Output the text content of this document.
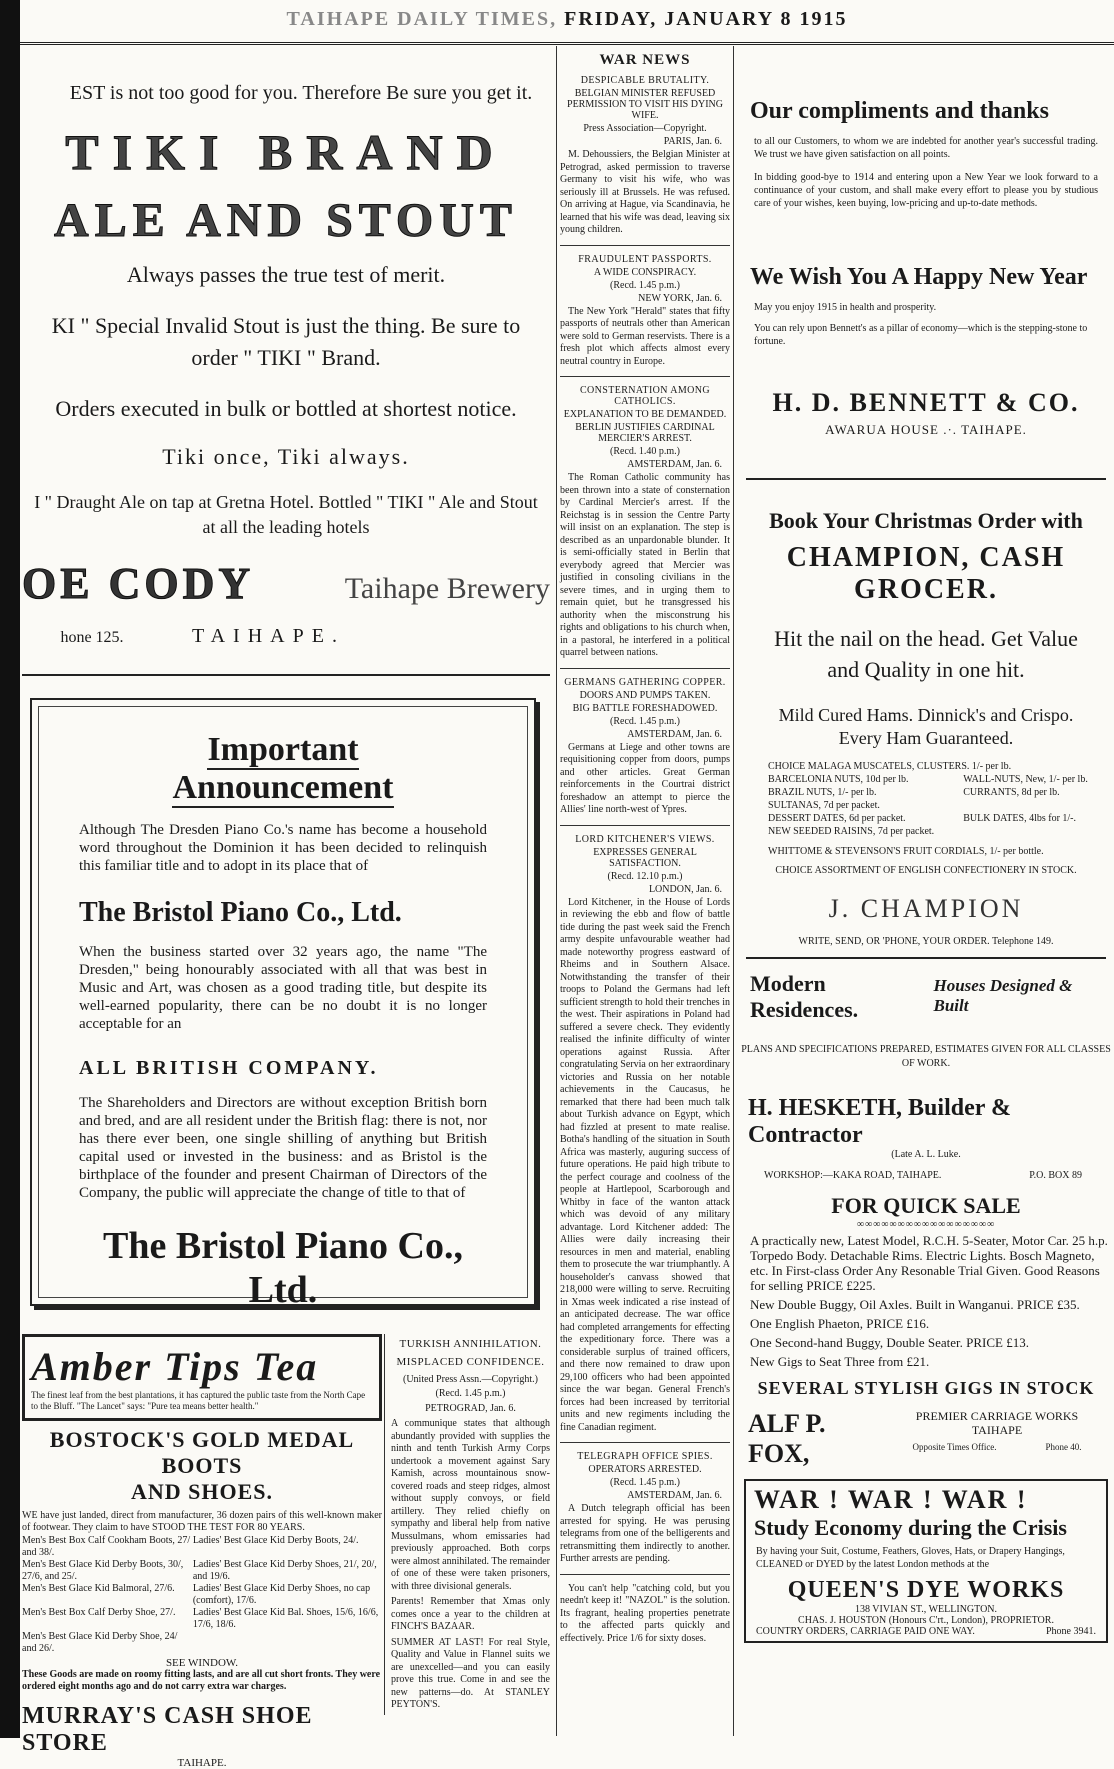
TAIHAPE DAILY TIMES, FRIDAY, JANUARY 8 1915

EST is not too good for you. Therefore Be sure you get it.

TIKI BRAND

ALE AND STOUT

Always passes the true test of merit.

KI " Special Invalid Stout is just the thing. Be sure to
order " TIKI " Brand.

Orders executed in bulk or bottled at shortest notice.

Tiki once, Tiki always.

I " Draught Ale on tap at Gretna Hotel. Bottled " TIKI " Ale and Stout
at all the leading hotels

OE CODY	Taihape Brewery
hone 125.	TAIHAPE.
Important Announcement

Although The Dresden Piano Co.'s name has become a household word throughout the Dominion it has been decided to relinquish this familiar title and to adopt in its place that of

The Bristol Piano Co., Ltd.

When the business started over 32 years ago, the name "The Dresden," being honourably associated with all that was best in Music and Art, was chosen as a good trading title, but despite its well-earned popularity, there can be no doubt it is no longer acceptable for an

ALL BRITISH COMPANY.

The Shareholders and Directors are without exception British born and bred, and are all resident under the British flag: there is not, nor has there ever been, one single shilling of anything but British capital used or invested in the business: and as Bristol is the birthplace of the founder and present Chairman of Directors of the Company, the public will appreciate the change of title to that of

The Bristol Piano Co., Ltd.
Amber Tips Tea
The finest leaf from the best plantations, it has captured the public taste from the North Cape to the Bluff. "The Lancet" says: "Pure tea means better health."
BOSTOCK'S GOLD MEDAL BOOTS
AND SHOES.
WE have just landed, direct from manufacturer, 36 dozen pairs of this well-known maker of footwear. They claim to have STOOD THE TEST FOR 80 YEARS.
Men's Best Box Calf Cookham Boots, 27/ and 38/.	Ladies' Best Glace Kid Derby Boots, 24/.
Men's Best Glace Kid Derby Boots, 30/, 27/6, and 25/.	Ladies' Best Glace Kid Derby Shoes, 21/, 20/, and 19/6.
Men's Best Glace Kid Balmoral, 27/6.	Ladies' Best Glace Kid Derby Shoes, no cap (comfort), 17/6.
Men's Best Box Calf Derby Shoe, 27/.	Ladies' Best Glace Kid Bal. Shoes, 15/6, 16/6, 17/6, 18/6.
Men's Best Glace Kid Derby Shoe, 24/ and 26/.	
SEE WINDOW.
These Goods are made on roomy fitting lasts, and are all cut short fronts. They were ordered eight months ago and do not carry extra war charges.
MURRAY'S CASH SHOE STORE
TAIHAPE.
TURKISH ANNIHILATION.
MISPLACED CONFIDENCE.
(United Press Assn.—Copyright.)
(Recd. 1.45 p.m.)
PETROGRAD, Jan. 6.

A communique states that although abundantly provided with supplies the ninth and tenth Turkish Army Corps undertook a movement against Sary Kamish, across mountainous snow-covered roads and steep ridges, almost without supply convoys, or field artillery. They relied chiefly on sympathy and liberal help from native Mussulmans, whom emissaries had previously approached. Both corps were almost annihilated. The remainder of one of these were taken prisoners, with three divisional generals.

Parents! Remember that Xmas only comes once a year to the children at FINCH'S BAZAAR.

SUMMER AT LAST! For real Style, Quality and Value in Flannel suits we are unexcelled—and you can easily prove this true. Come in and see the new patterns—do. At STANLEY PEYTON'S.

WAR NEWS
DESPICABLE BRUTALITY.
BELGIAN MINISTER REFUSED PERMISSION TO VISIT HIS DYING WIFE.
Press Association—Copyright.
PARIS, Jan. 6.

M. Dehoussiers, the Belgian Minister at Petrograd, asked permission to traverse Germany to visit his wife, who was seriously ill at Brussels. He was refused. On arriving at Hague, via Scandinavia, he learned that his wife was dead, leaving six young children.

FRAUDULENT PASSPORTS.
A WIDE CONSPIRACY.
(Recd. 1.45 p.m.)
NEW YORK, Jan. 6.

The New York "Herald" states that fifty passports of neutrals other than American were sold to German reservists. There is a fresh plot which affects almost every neutral country in Europe.

CONSTERNATION AMONG CATHOLICS.
EXPLANATION TO BE DEMANDED.
BERLIN JUSTIFIES CARDINAL MERCIER'S ARREST.
(Recd. 1.40 p.m.)
AMSTERDAM, Jan. 6.

The Roman Catholic community has been thrown into a state of consternation by Cardinal Mercier's arrest. If the Reichstag is in session the Centre Party will insist on an explanation. The step is described as an unpardonable blunder. It is semi-officially stated in Berlin that everybody agreed that Mercier was justified in consoling civilians in the severe times, and in urging them to remain quiet, but he transgressed his authority when the misconstrung his rights and obligations to his church when, in a pastoral, he interfered in a political quarrel between nations.

GERMANS GATHERING COPPER.
DOORS AND PUMPS TAKEN.
BIG BATTLE FORESHADOWED.
(Recd. 1.45 p.m.)
AMSTERDAM, Jan. 6.

Germans at Liege and other towns are requisitioning copper from doors, pumps and other articles. Great German reinforcements in the Courtrai district foreshadow an attempt to pierce the Allies' line north-west of Ypres.

LORD KITCHENER'S VIEWS.
EXPRESSES GENERAL SATISFACTION.
(Recd. 12.10 p.m.)
LONDON, Jan. 6.

Lord Kitchener, in the House of Lords in reviewing the ebb and flow of battle tide during the past week said the French army despite unfavourable weather had made noteworthy progress eastward of Rheims and in Southern Alsace. Notwithstanding the transfer of their troops to Poland the Germans had left sufficient strength to hold their trenches in the west. Their aspirations in Poland had suffered a severe check. They evidently realised the infinite difficulty of winter operations against Russia. After congratulating Servia on her extraordinary victories and Russia on her notable achievements in the Caucasus, he remarked that there had been much talk about Turkish advance on Egypt, which had fizzled at present to mate realise. Botha's handling of the situation in South Africa was masterly, auguring success of future operations. He paid high tribute to the perfect courage and coolness of the people at Hartlepool, Scarborough and Whitby in face of the wanton attack which was devoid of any military advantage. Lord Kitchener added: The Allies were daily increasing their resources in men and material, enabling them to prosecute the war triumphantly. A householder's canvass showed that 218,000 were willing to serve. Recruiting in Xmas week indicated a rise instead of an anticipated decrease. The war office had completed arrangements for effecting the expeditionary force. There was a considerable surplus of trained officers, and there now remained to draw upon 29,100 officers who had been appointed since the war began. General French's forces had been increased by territorial units and new regiments including the fine Canadian regiment.

TELEGRAPH OFFICE SPIES.
OPERATORS ARRESTED.
(Recd. 1.45 p.m.)
AMSTERDAM, Jan. 6.

A Dutch telegraph official has been arrested for spying. He was perusing telegrams from one of the belligerents and retransmitting them indirectly to another. Further arrests are pending.

You can't help "catching cold, but you needn't keep it! "NAZOL" is the solution. Its fragrant, healing properties penetrate to the affected parts quickly and effectively. Price 1/6 for sixty doses.

Our compliments and thanks

to all our Customers, to whom we are indebted for another year's successful trading. We trust we have given satisfaction on all points.

In bidding good-bye to 1914 and entering upon a New Year we look forward to a continuance of your custom, and shall make every effort to please you by studious care of your wishes, keen buying, low-pricing and up-to-date methods.

We Wish You A Happy New Year

May you enjoy 1915 in health and prosperity.

You can rely upon Bennett's as a pillar of economy—which is the stepping-stone to fortune.

H. D. BENNETT & CO.
AWARUA HOUSE .·. TAIHAPE.
Book Your Christmas Order with
CHAMPION, CASH GROCER.
Hit the nail on the head. Get Value
and Quality in one hit.
Mild Cured Hams. Dinnick's and Crispo.
Every Ham Guaranteed.
CHOICE MALAGA MUSCATELS, CLUSTERS. 1/- per lb.	
BARCELONIA NUTS, 10d per lb.	WALL-NUTS, New, 1/- per lb.
BRAZIL NUTS, 1/- per lb.	CURRANTS, 8d per lb.
SULTANAS, 7d per packet.	
DESSERT DATES, 6d per packet.	BULK DATES, 4lbs for 1/-.
NEW SEEDED RAISINS, 7d per packet.	
WHITTOME & STEVENSON'S FRUIT CORDIALS, 1/- per bottle.
CHOICE ASSORTMENT OF ENGLISH CONFECTIONERY IN STOCK.
J. CHAMPION
WRITE, SEND, OR 'PHONE, YOUR ORDER. Telephone 149.
Modern Residences.
Houses Designed & Built
PLANS AND SPECIFICATIONS PREPARED, ESTIMATES GIVEN FOR ALL CLASSES OF WORK.
H. HESKETH, Builder & Contractor
(Late A. L. Luke.
WORKSHOP:—KAKA ROAD, TAIHAPE.	P.O. BOX 89
FOR QUICK SALE
∞∞∞∞∞∞∞∞∞∞∞∞∞∞∞∞∞

A practically new, Latest Model, R.C.H. 5-Seater, Motor Car. 25 h.p. Torpedo Body. Detachable Rims. Electric Lights. Bosch Magneto, etc. In First-class Order Any Resonable Trial Given. Good Reasons for selling PRICE £225.

New Double Buggy, Oil Axles. Built in Wanganui. PRICE £35.

One English Phaeton, PRICE £16.

One Second-hand Buggy, Double Seater. PRICE £13.

New Gigs to Seat Three from £21.

SEVERAL STYLISH GIGS IN STOCK
ALF P. FOX,
PREMIER CARRIAGE WORKS
TAIHAPE
Opposite Times Office.	Phone 40.
WAR ! WAR ! WAR !
Study Economy during the Crisis

By having your Suit, Costume, Feathers, Gloves, Hats, or Drapery Hangings, CLEANED or DYED by the latest London methods at the

QUEEN'S DYE WORKS
138 VIVIAN ST., WELLINGTON.
CHAS. J. HOUSTON (Honours C'rt., London), PROPRIETOR.
COUNTRY ORDERS, CARRIAGE PAID ONE WAY.	Phone 3941.
